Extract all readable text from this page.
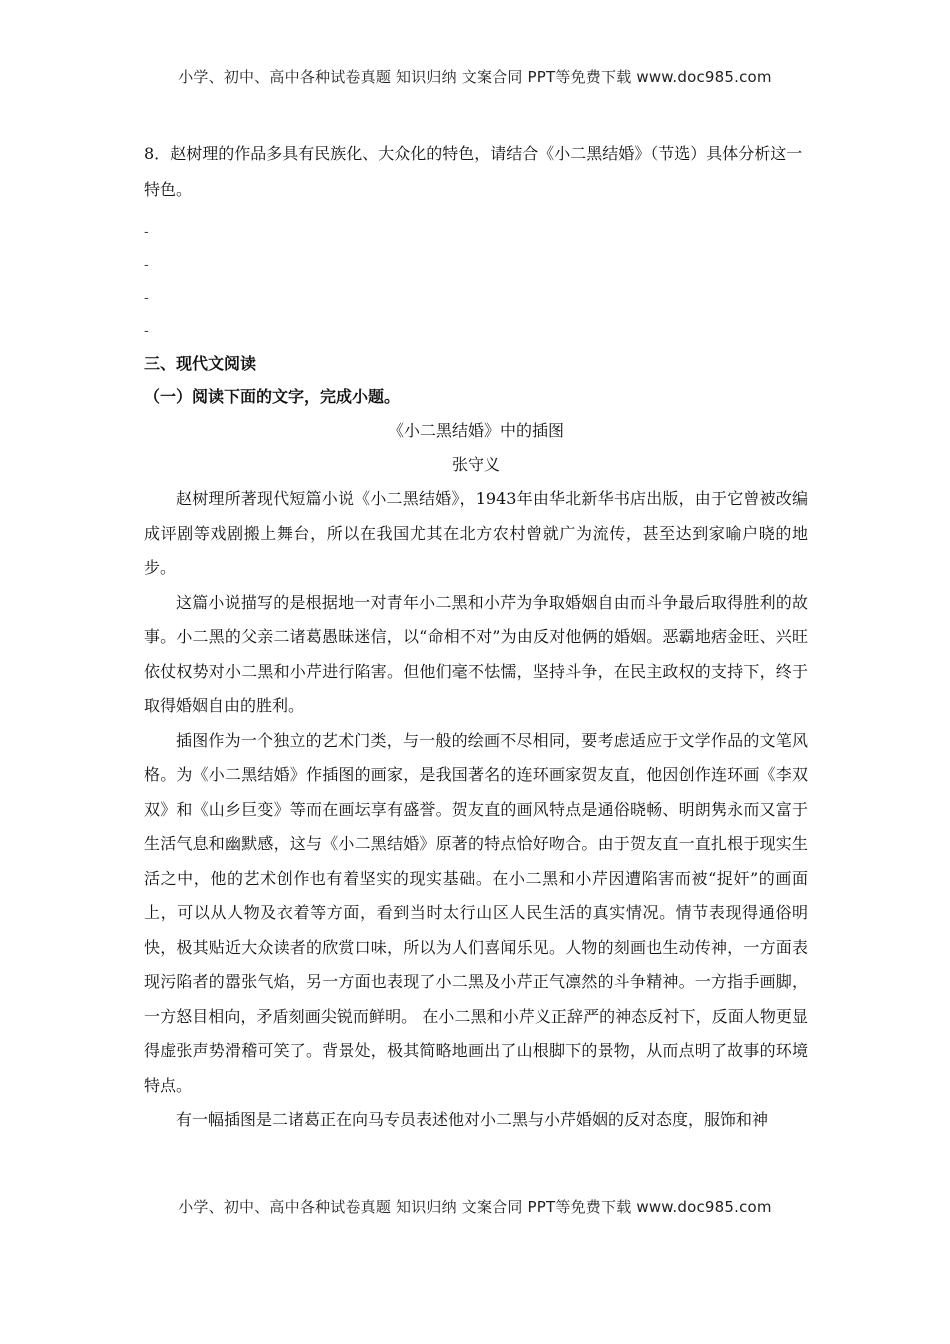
小学、初中、高中各种试卷真题 知识归纳 文案合同 PPT等免费下载 www.doc985.com

8．赵树理的作品多具有民族化、大众化的特色，请结合《小二黑结婚》（节选）具体分析这一特色。

-
-
-
-

三、现代文阅读

（一）阅读下面的文字，完成小题。

《小二黑结婚》中的插图

张守义

赵树理所著现代短篇小说《小二黑结婚》，1943年由华北新华书店出版，由于它曾被改编成评剧等戏剧搬上舞台，所以在我国尤其在北方农村曾就广为流传，甚至达到家喻户晓的地步。

这篇小说描写的是根据地一对青年小二黑和小芹为争取婚姻自由而斗争最后取得胜利的故事。小二黑的父亲二诸葛愚昧迷信，以“命相不对”为由反对他俩的婚姻。恶霸地痞金旺、兴旺依仗权势对小二黑和小芹进行陷害。但他们毫不怯懦，坚持斗争，在民主政权的支持下，终于取得婚姻自由的胜利。

插图作为一个独立的艺术门类，与一般的绘画不尽相同，要考虑适应于文学作品的文笔风格。为《小二黑结婚》作插图的画家，是我国著名的连环画家贺友直，他因创作连环画《李双双》和《山乡巨变》等而在画坛享有盛誉。贺友直的画风特点是通俗晓畅、明朗隽永而又富于生活气息和幽默感，这与《小二黑结婚》原著的特点恰好吻合。由于贺友直一直扎根于现实生活之中，他的艺术创作也有着坚实的现实基础。在小二黑和小芹因遭陷害而被“捉奸”的画面上，可以从人物及衣着等方面，看到当时太行山区人民生活的真实情况。情节表现得通俗明快，极其贴近大众读者的欣赏口味，所以为人们喜闻乐见。人物的刻画也生动传神，一方面表现污陷者的嚣张气焰，另一方面也表现了小二黑及小芹正气凛然的斗争精神。一方指手画脚，一方怒目相向，矛盾刻画尖锐而鲜明。 在小二黑和小芹义正辞严的神态反衬下，反面人物更显得虚张声势滑稽可笑了。背景处，极其简略地画出了山根脚下的景物，从而点明了故事的环境特点。

有一幅插图是二诸葛正在向马专员表述他对小二黑与小芹婚姻的反对态度，服饰和神

小学、初中、高中各种试卷真题 知识归纳 文案合同 PPT等免费下载 www.doc985.com
